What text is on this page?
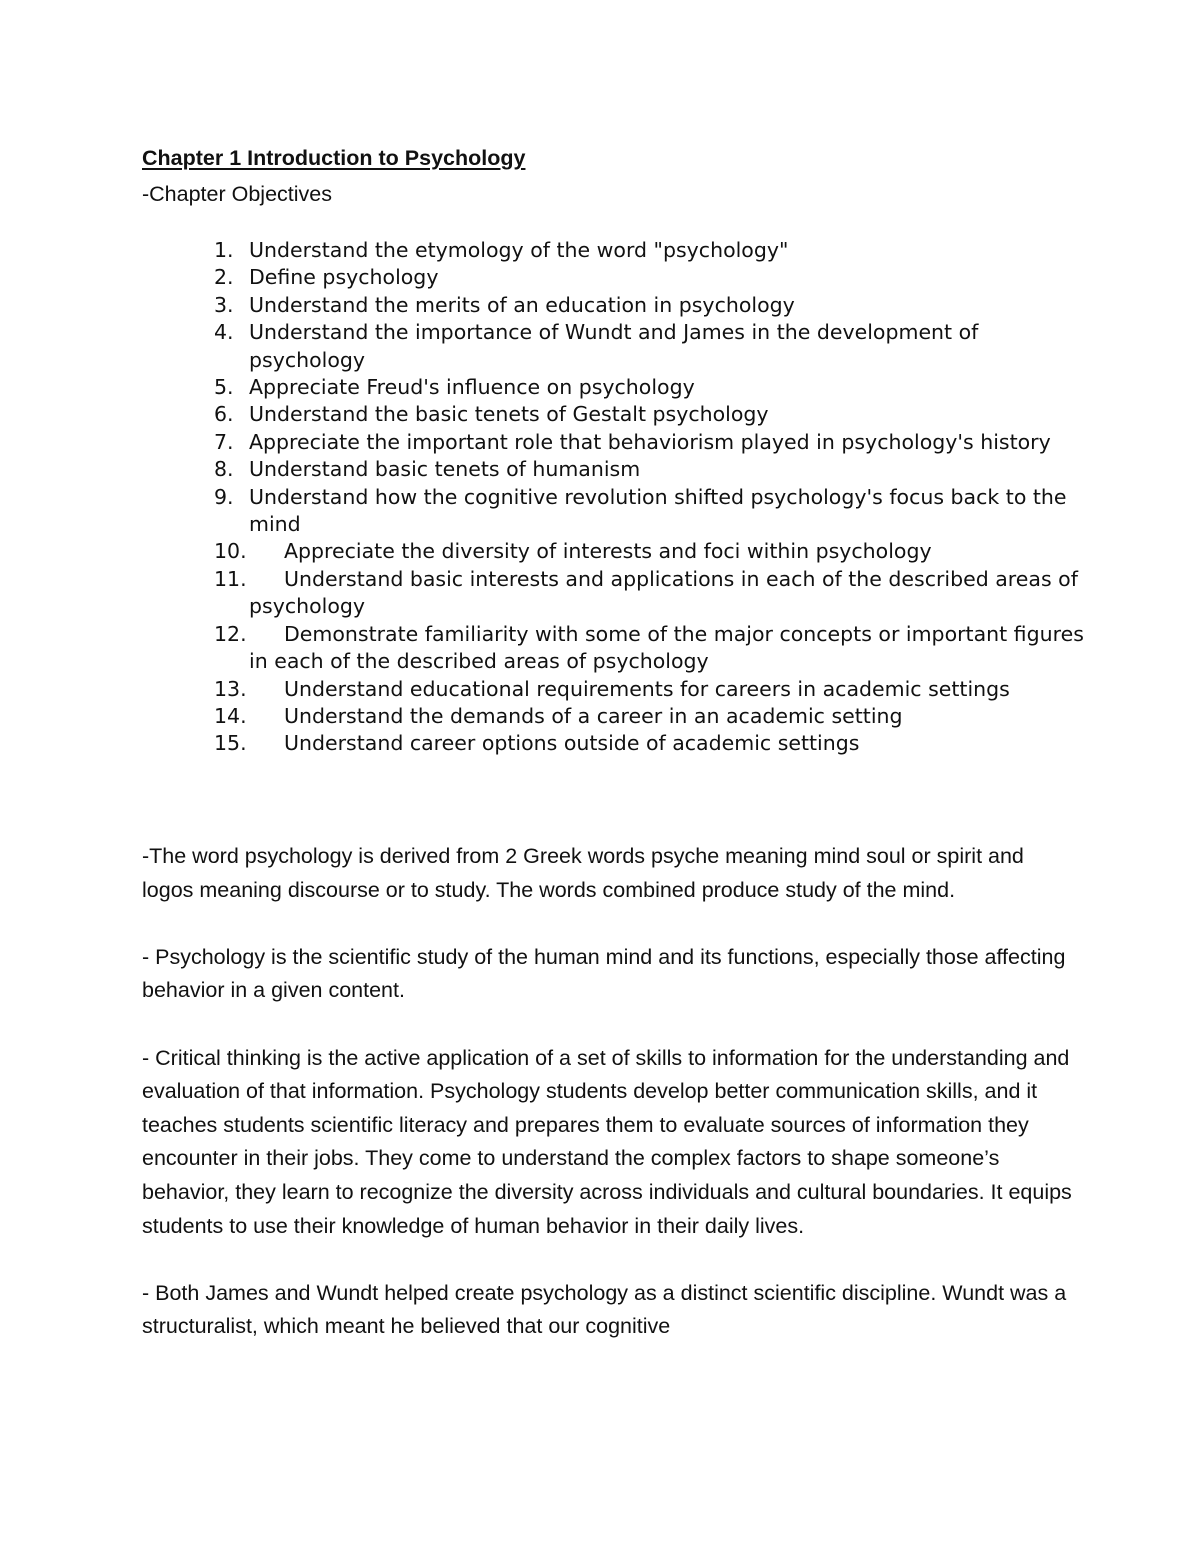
Chapter 1 Introduction to Psychology
-Chapter Objectives
1. Understand the etymology of the word "psychology"
2. Define psychology
3. Understand the merits of an education in psychology
4. Understand the importance of Wundt and James in the development of psychology
5. Appreciate Freud's influence on psychology
6. Understand the basic tenets of Gestalt psychology
7. Appreciate the important role that behaviorism played in psychology's history
8. Understand basic tenets of humanism
9. Understand how the cognitive revolution shifted psychology's focus back to the mind
10. Appreciate the diversity of interests and foci within psychology
11. Understand basic interests and applications in each of the described areas of psychology
12. Demonstrate familiarity with some of the major concepts or important figures in each of the described areas of psychology
13. Understand educational requirements for careers in academic settings
14. Understand the demands of a career in an academic setting
15. Understand career options outside of academic settings

-The word psychology is derived from 2 Greek words psyche meaning mind soul or spirit and logos meaning discourse or to study. The words combined produce study of the mind.

- Psychology is the scientific study of the human mind and its functions, especially those affecting behavior in a given content.

- Critical thinking is the active application of a set of skills to information for the understanding and evaluation of that information. Psychology students develop better communication skills, and it teaches students scientific literacy and prepares them to evaluate sources of information they encounter in their jobs. They come to understand the complex factors to shape someone’s behavior, they learn to recognize the diversity across individuals and cultural boundaries. It equips students to use their knowledge of human behavior in their daily lives.

- Both James and Wundt helped create psychology as a distinct scientific discipline. Wundt was a structuralist, which meant he believed that our cognitive
